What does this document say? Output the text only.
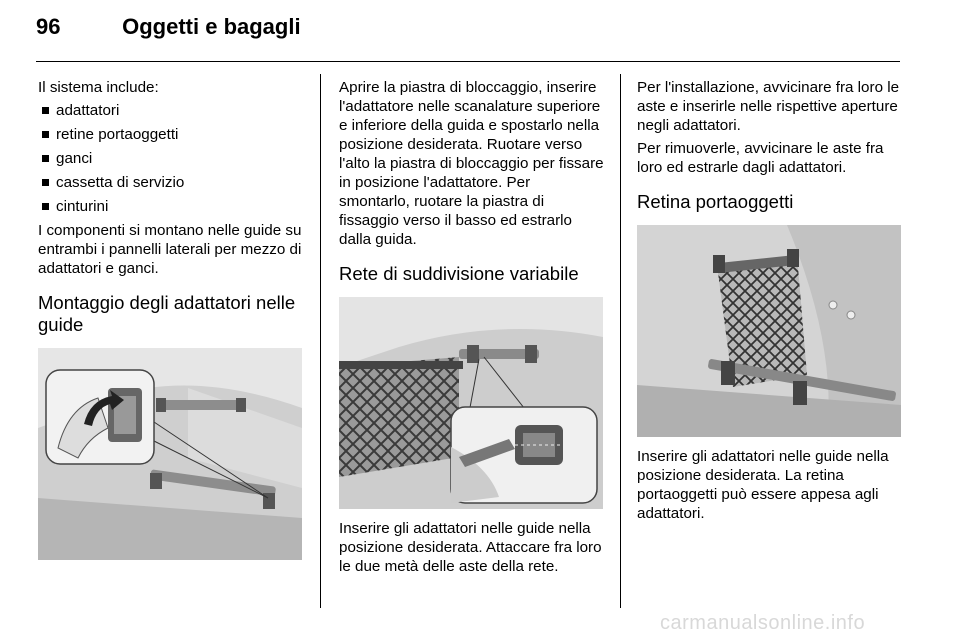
96	Oggetti e bagagli

Il sistema include:

adattatori
retine portaoggetti
ganci
cassetta di servizio
cinturini

I componenti si montano nelle guide su entrambi i pannelli laterali per mezzo di adattatori e ganci.

Montaggio degli adattatori nelle guide

Aprire la piastra di bloccaggio, inserire l'adattatore nelle scanalature superiore e inferiore della guida e spostarlo nella posizione desiderata. Ruotare verso l'alto la piastra di bloccaggio per fissare in posizione l'adattatore. Per smontarlo, ruotare la piastra di fissaggio verso il basso ed estrarlo dalla guida.

Rete di suddivisione variabile

Inserire gli adattatori nelle guide nella posizione desiderata. Attaccare fra loro le due metà delle aste della rete.

Per l'installazione, avvicinare fra loro le aste e inserirle nelle rispettive aperture negli adattatori.

Per rimuoverle, avvicinare le aste fra loro ed estrarle dagli adattatori.

Retina portaoggetti

Inserire gli adattatori nelle guide nella posizione desiderata. La retina portaoggetti può essere appesa agli adattatori.

carmanualsonline.info
